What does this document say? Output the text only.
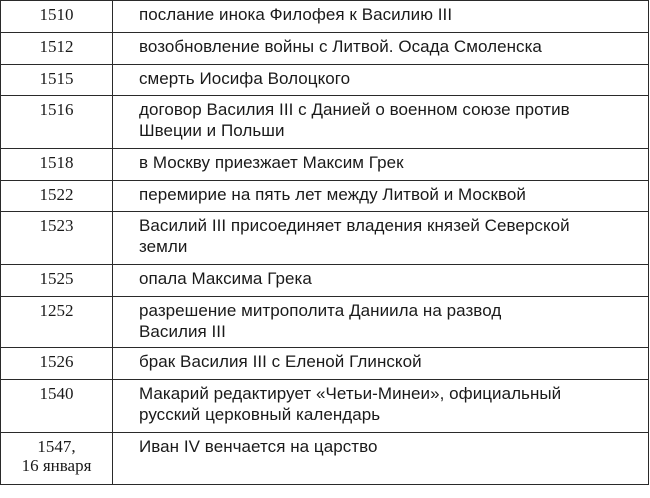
1510	послание инока Филофея к Василию III
1512	возобновление войны с Литвой. Осада Смоленска
1515	смерть Иосифа Волоцкого
1516	договор Василия III с Данией о военном союзе против
Швеции и Польши
1518	в Москву приезжает Максим Грек
1522	перемирие на пять лет между Литвой и Москвой
1523	Василий III присоединяет владения князей Северской
земли
1525	опала Максима Грека
1252	разрешение митрополита Даниила на развод
Василия III
1526	брак Василия III с Еленой Глинской
1540	Макарий редактирует «Четьи-Минеи», официальный
русский церковный календарь
1547,
16 января	Иван IV венчается на царство
